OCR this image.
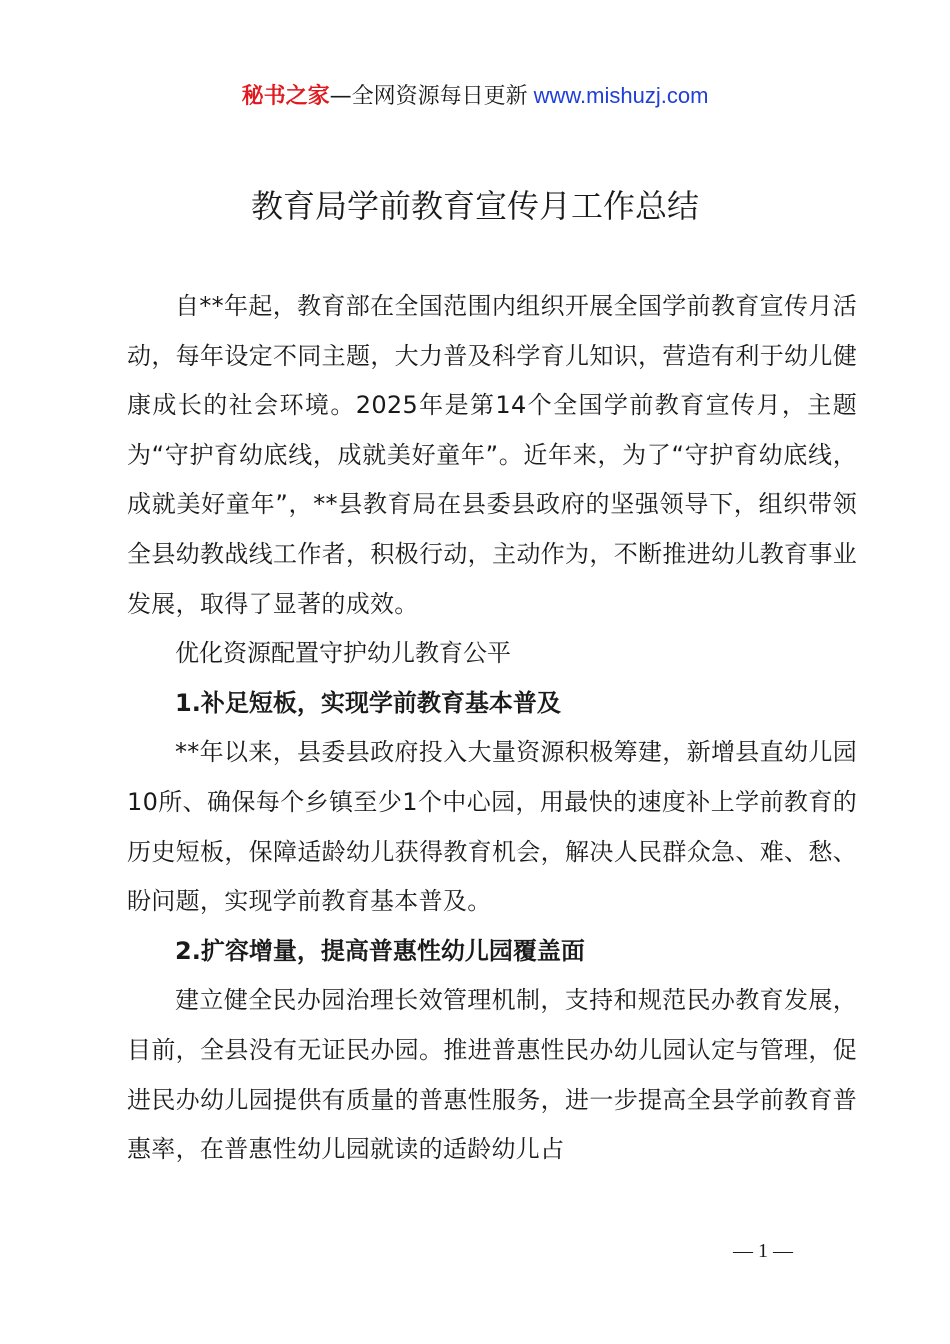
秘书之家—全网资源每日更新 www.mishuzj.com
教育局学前教育宣传月工作总结

自**年起，教育部在全国范围内组织开展全国学前教育宣传月活动，每年设定不同主题，大力普及科学育儿知识，营造有利于幼儿健康成长的社会环境。2025年是第14个全国学前教育宣传月，主题为“守护育幼底线，成就美好童年”。近年来，为了“守护育幼底线，成就美好童年”，**县教育局在县委县政府的坚强领导下，组织带领全县幼教战线工作者，积极行动，主动作为，不断推进幼儿教育事业发展，取得了显著的成效。

优化资源配置守护幼儿教育公平

1.补足短板，实现学前教育基本普及

**年以来，县委县政府投入大量资源积极筹建，新增县直幼儿园10所、确保每个乡镇至少1个中心园，用最快的速度补上学前教育的历史短板，保障适龄幼儿获得教育机会，解决人民群众急、难、愁、盼问题，实现学前教育基本普及。

2.扩容增量，提高普惠性幼儿园覆盖面

建立健全民办园治理长效管理机制，支持和规范民办教育发展，目前，全县没有无证民办园。推进普惠性民办幼儿园认定与管理，促进民办幼儿园提供有质量的普惠性服务，进一步提高全县学前教育普惠率，在普惠性幼儿园就读的适龄幼儿占

— 1 —
